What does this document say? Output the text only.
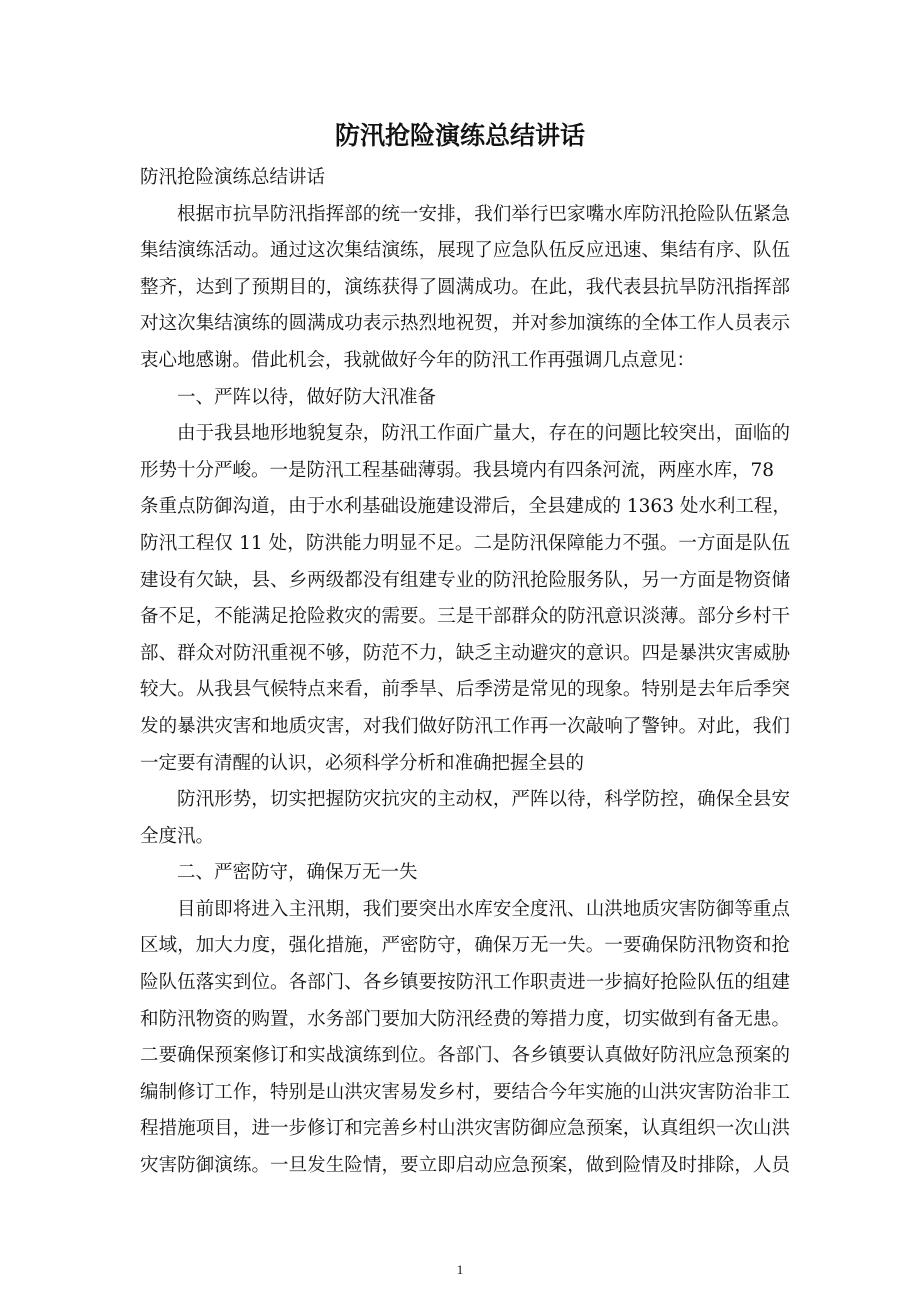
防汛抢险演练总结讲话
防汛抢险演练总结讲话
根据市抗旱防汛指挥部的统一安排，我们举行巴家嘴水库防汛抢险队伍紧急
集结演练活动。通过这次集结演练，展现了应急队伍反应迅速、集结有序、队伍
整齐，达到了预期目的，演练获得了圆满成功。在此，我代表县抗旱防汛指挥部
对这次集结演练的圆满成功表示热烈地祝贺，并对参加演练的全体工作人员表示
衷心地感谢。借此机会，我就做好今年的防汛工作再强调几点意见：
一、严阵以待，做好防大汛准备
由于我县地形地貌复杂，防汛工作面广量大，存在的问题比较突出，面临的
形势十分严峻。一是防汛工程基础薄弱。我县境内有四条河流，两座水库，78
条重点防御沟道，由于水利基础设施建设滞后，全县建成的 1363 处水利工程，
防汛工程仅 11 处，防洪能力明显不足。二是防汛保障能力不强。一方面是队伍
建设有欠缺，县、乡两级都没有组建专业的防汛抢险服务队，另一方面是物资储
备不足，不能满足抢险救灾的需要。三是干部群众的防汛意识淡薄。部分乡村干
部、群众对防汛重视不够，防范不力，缺乏主动避灾的意识。四是暴洪灾害威胁
较大。从我县气候特点来看，前季旱、后季涝是常见的现象。特别是去年后季突
发的暴洪灾害和地质灾害，对我们做好防汛工作再一次敲响了警钟。对此，我们
一定要有清醒的认识，必须科学分析和准确把握全县的
防汛形势，切实把握防灾抗灾的主动权，严阵以待，科学防控，确保全县安
全度汛。
二、严密防守，确保万无一失
目前即将进入主汛期，我们要突出水库安全度汛、山洪地质灾害防御等重点
区域，加大力度，强化措施，严密防守，确保万无一失。一要确保防汛物资和抢
险队伍落实到位。各部门、各乡镇要按防汛工作职责进一步搞好抢险队伍的组建
和防汛物资的购置，水务部门要加大防汛经费的筹措力度，切实做到有备无患。
二要确保预案修订和实战演练到位。各部门、各乡镇要认真做好防汛应急预案的
编制修订工作，特别是山洪灾害易发乡村，要结合今年实施的山洪灾害防治非工
程措施项目，进一步修订和完善乡村山洪灾害防御应急预案，认真组织一次山洪
灾害防御演练。一旦发生险情，要立即启动应急预案，做到险情及时排除，人员
1
